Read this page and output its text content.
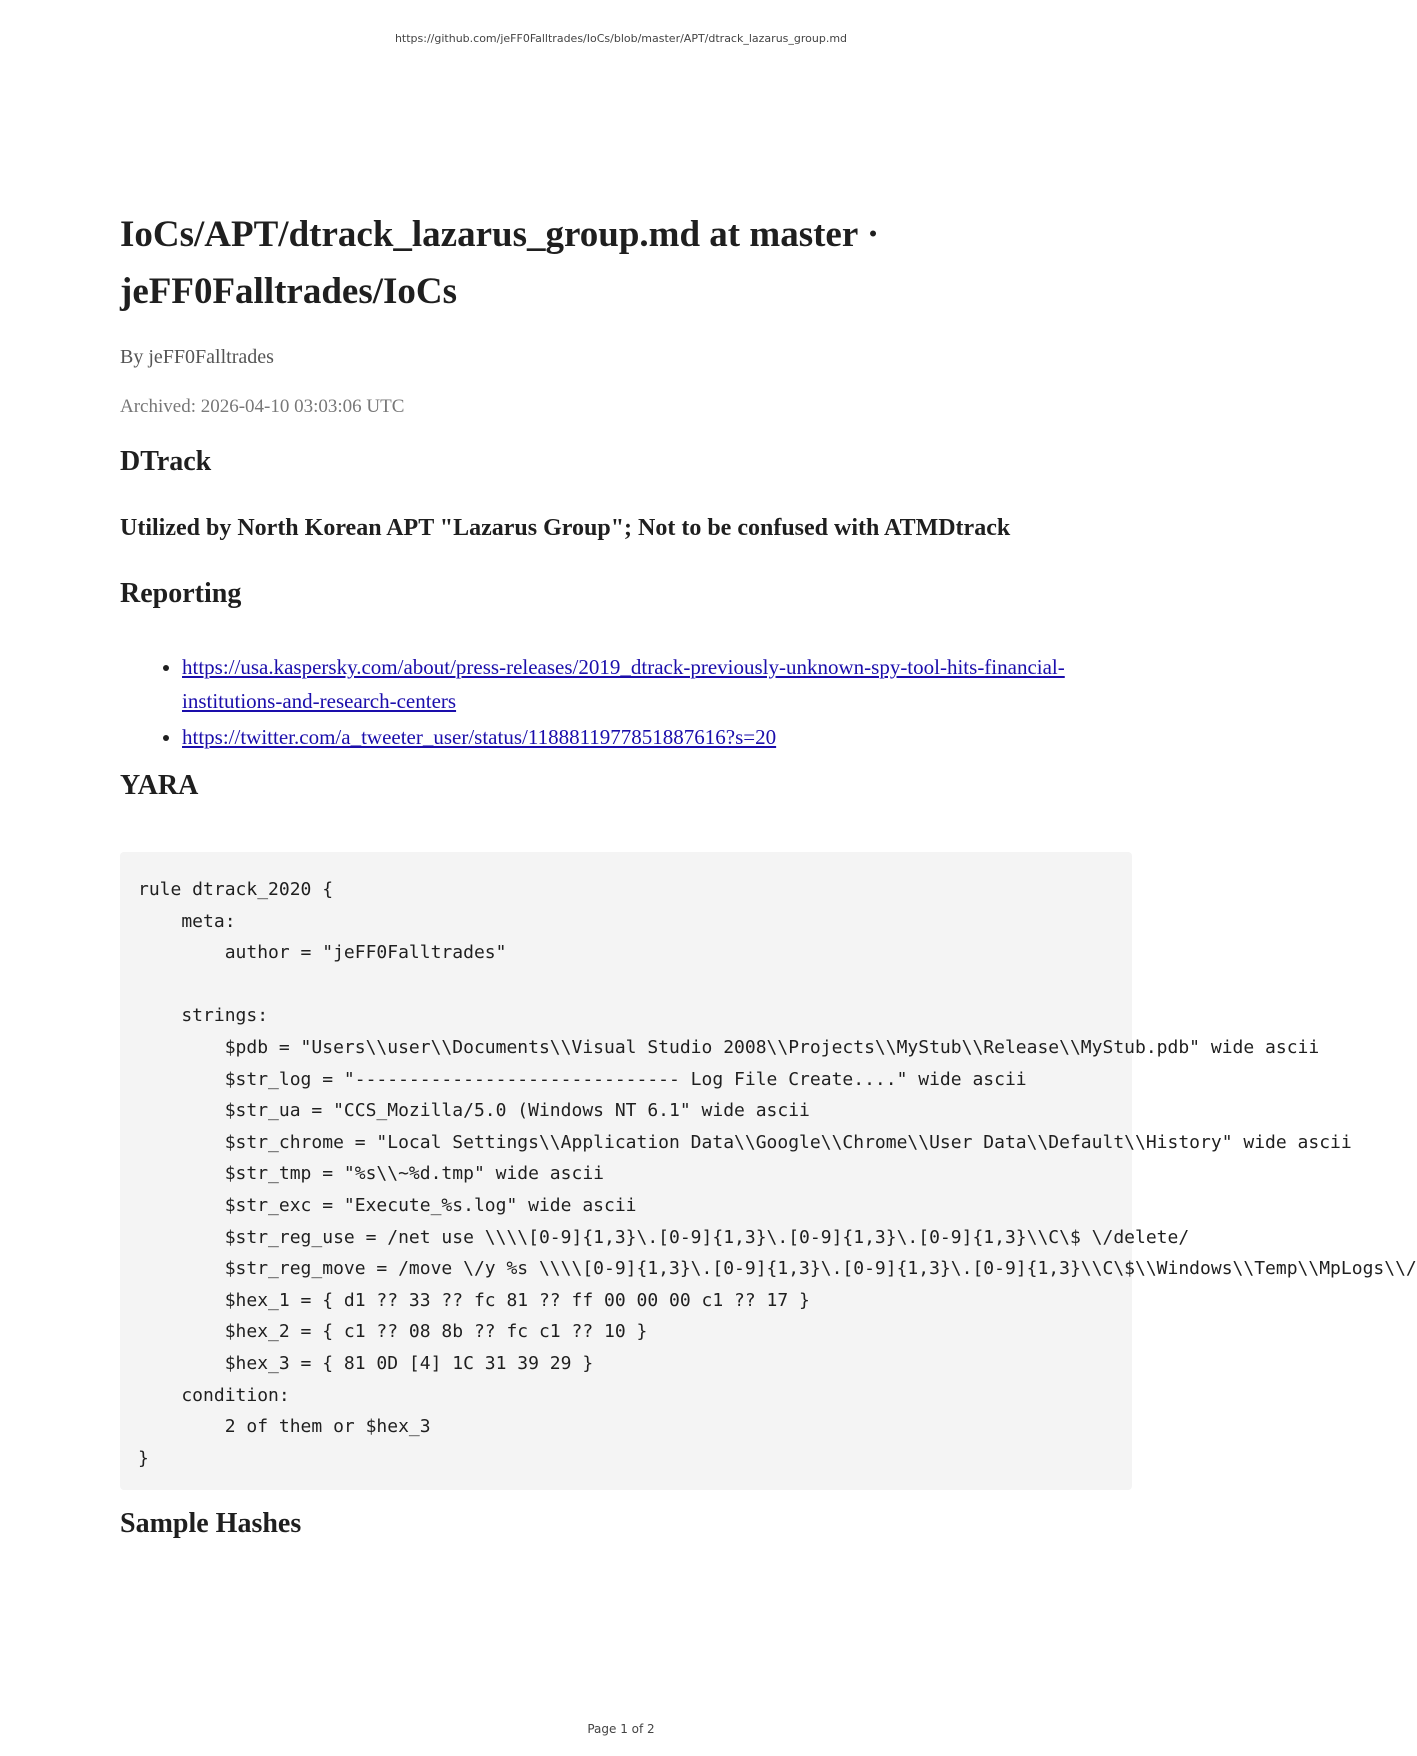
https://github.com/jeFF0Falltrades/IoCs/blob/master/APT/dtrack_lazarus_group.md
IoCs/APT/dtrack_lazarus_group.md at master · jeFF0Falltrades/IoCs
By jeFF0Falltrades
Archived: 2026-04-10 03:03:06 UTC
DTrack
Utilized by North Korean APT "Lazarus Group"; Not to be confused with ATMDtrack
Reporting
• https://usa.kaspersky.com/about/press-releases/2019_dtrack-previously-unknown-spy-tool-hits-financial-institutions-and-research-centers
• https://twitter.com/a_tweeter_user/status/1188811977851887616?s=20
YARA
rule dtrack_2020 {
meta:
author = "jeFF0Falltrades"

strings:
$pdb = "Users\\user\\Documents\\Visual Studio 2008\\Projects\\MyStub\\Release\\MyStub.pdb" wide ascii
$str_log = "------------------------------ Log File Create...." wide ascii
$str_ua = "CCS_Mozilla/5.0 (Windows NT 6.1" wide ascii
$str_chrome = "Local Settings\\Application Data\\Google\\Chrome\\User Data\\Default\\History" wide ascii
$str_tmp = "%s\\~%d.tmp" wide ascii
$str_exc = "Execute_%s.log" wide ascii
$str_reg_use = /net use \\\\[0-9]{1,3}\.[0-9]{1,3}\.[0-9]{1,3}\.[0-9]{1,3}\\C\$ \/delete/
$str_reg_move = /move \/y %s \\\\[0-9]{1,3}\.[0-9]{1,3}\.[0-9]{1,3}\.[0-9]{1,3}\\C\$\\Windows\\Temp\\MpLogs\\/
$hex_1 = { d1 ?? 33 ?? fc 81 ?? ff 00 00 00 c1 ?? 17 }
$hex_2 = { c1 ?? 08 8b ?? fc c1 ?? 10 }
$hex_3 = { 81 0D [4] 1C 31 39 29 }
condition:
2 of them or $hex_3
}
Sample Hashes
Page 1 of 2
